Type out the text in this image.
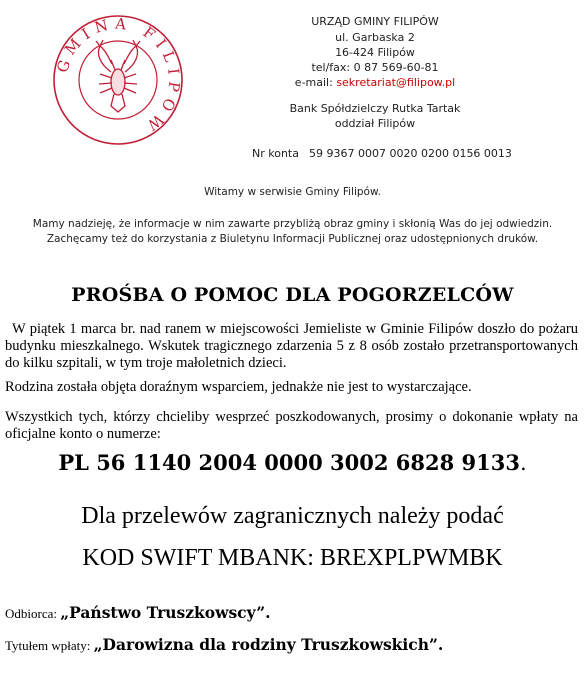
GMINA FILIPÓW
URZĄD GMINY FILIPÓW
ul. Garbaska 2
16-424 Filipów
tel/fax: 0 87 569-60-81
e-mail: sekretariat@filipow.pl
Bank Spółdzielczy Rutka Tartak
oddział Filipów
Nr konta 59 9367 0007 0020 0200 0156 0013
Witamy w serwisie Gminy Filipów.
Mamy nadzieję, że informacje w nim zawarte przybliżą obraz gminy i skłonią Was do jej odwiedzin.
Zachęcamy też do korzystania z Biuletynu Informacji Publicznej oraz udostępnionych druków.
PROŚBA O POMOC DLA POGORZELCÓW
W piątek 1 marca br. nad ranem w miejscowości Jemieliste w Gminie Filipów doszło do pożaru budynku mieszkalnego. Wskutek tragicznego zdarzenia 5 z 8 osób zostało przetransportowanych do kilku szpitali, w tym troje małoletnich dzieci.
Rodzina została objęta doraźnym wsparciem, jednakże nie jest to wystarczające.
Wszystkich tych, którzy chcieliby wesprzeć poszkodowanych, prosimy o dokonanie wpłaty na oficjalne konto o numerze:
PL 56 1140 2004 0000 3002 6828 9133.
Dla przelewów zagranicznych należy podać
KOD SWIFT MBANK: BREXPLPWMBK
Odbiorca: „Państwo Truszkowscy”.
Tytułem wpłaty: „Darowizna dla rodziny Truszkowskich”.
